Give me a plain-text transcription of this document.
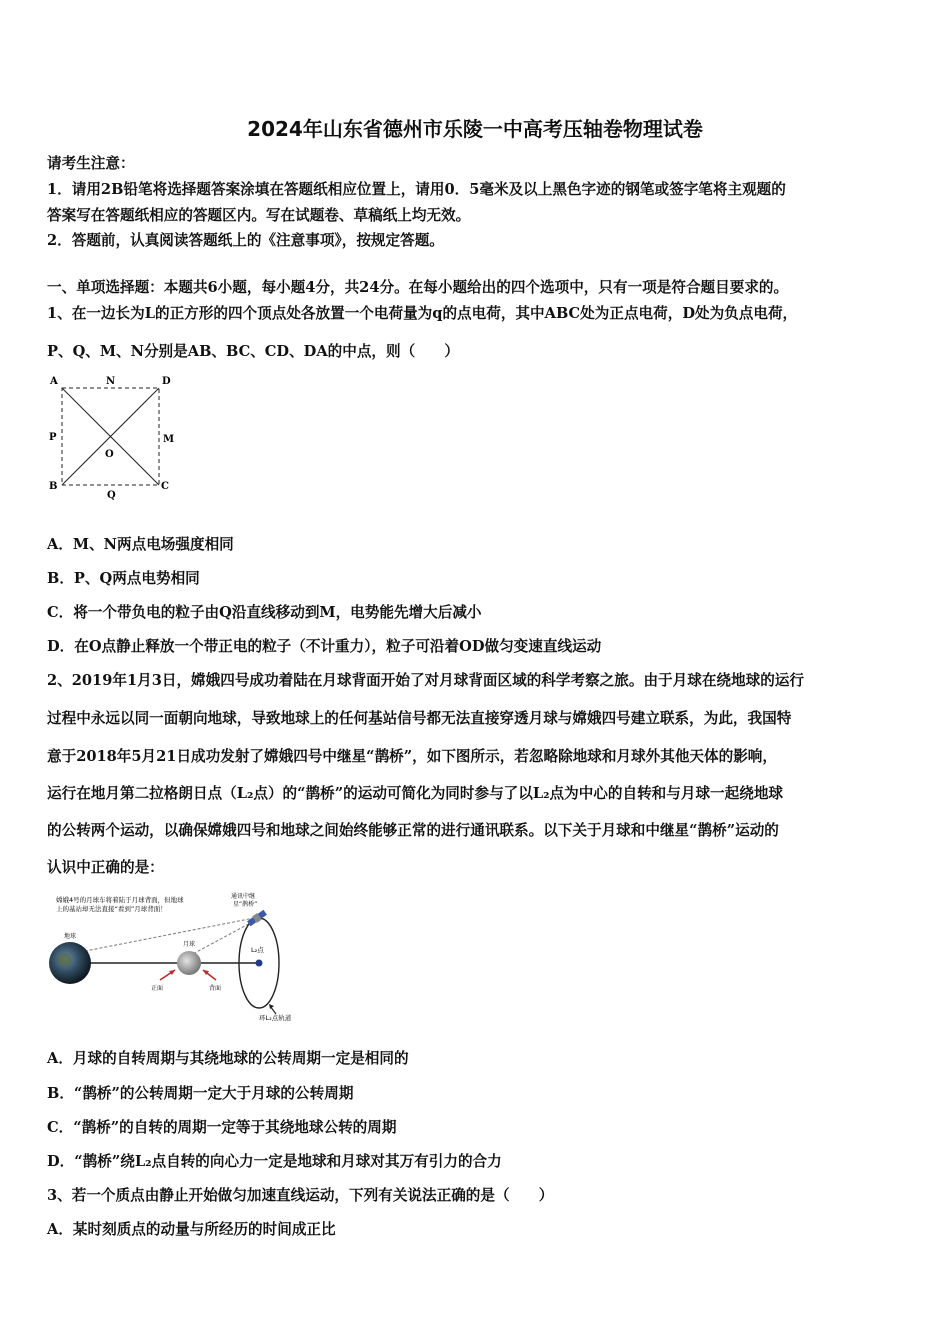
2024年山东省德州市乐陵一中高考压轴卷物理试卷
请考生注意：
1．请用2B铅笔将选择题答案涂填在答题纸相应位置上，请用0．5毫米及以上黑色字迹的钢笔或签字笔将主观题的
答案写在答题纸相应的答题区内。写在试题卷、草稿纸上均无效。
2．答题前，认真阅读答题纸上的《注意事项》，按规定答题。
一、单项选择题：本题共6小题，每小题4分，共24分。在每小题给出的四个选项中，只有一项是符合题目要求的。
1、在一边长为L的正方形的四个顶点处各放置一个电荷量为q的点电荷，其中ABC处为正点电荷，D处为负点电荷，
P、Q、M、N分别是AB、BC、CD、DA的中点，则（　　）
A	N	D
P	M
O
B
Q
C
A．M、N两点电场强度相同
B．P、Q两点电势相同
C．将一个带负电的粒子由Q沿直线移动到M，电势能先增大后减小
D．在O点静止释放一个带正电的粒子（不计重力），粒子可沿着OD做匀变速直线运动
2、2019年1月3日，嫦娥四号成功着陆在月球背面开始了对月球背面区域的科学考察之旅。由于月球在绕地球的运行
过程中永远以同一面朝向地球，导致地球上的任何基站信号都无法直接穿透月球与嫦娥四号建立联系，为此，我国特
意于2018年5月21日成功发射了嫦娥四号中继星“鹊桥”，如下图所示，若忽略除地球和月球外其他天体的影响，
运行在地月第二拉格朗日点（L₂点）的“鹊桥”的运动可简化为同时参与了以L₂点为中心的自转和与月球一起绕地球
的公转两个运动，以确保嫦娥四号和地球之间始终能够正常的进行通讯联系。以下关于月球和中继星“鹊桥”运动的
认识中正确的是：
嫦娥4号的月球车将着陆于月球背面，但地球
上的基站却无法直接“看到”月球背面！
通讯中继
星“鹊桥”
地球
月球
正面	背面
L₂点
环L₂点轨道
A．月球的自转周期与其绕地球的公转周期一定是相同的
B．“鹊桥”的公转周期一定大于月球的公转周期
C．“鹊桥”的自转的周期一定等于其绕地球公转的周期
D．“鹊桥”绕L₂点自转的向心力一定是地球和月球对其万有引力的合力
3、若一个质点由静止开始做匀加速直线运动，下列有关说法正确的是（　　）
A．某时刻质点的动量与所经历的时间成正比
